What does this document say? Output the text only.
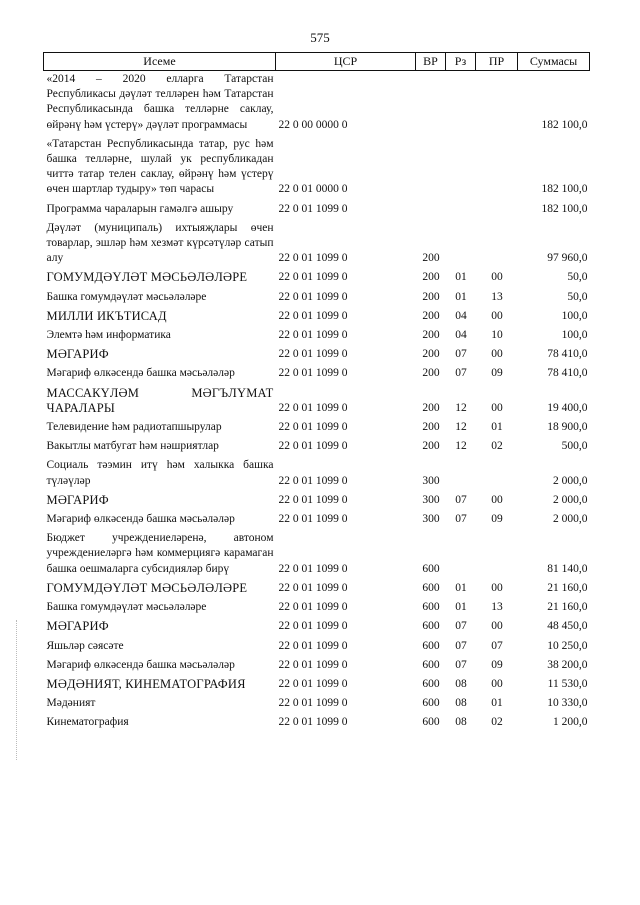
575
Исеме	ЦСР	ВР	Рз	ПР	Суммасы
«2014 – 2020 елларга Татарстан Республикасы дәүләт телләрен һәм Татарстан Республикасында башка телләрне саклау, өйрәнү һәм үстерү» дәүләт программасы	22 0 00 0000 0				182 100,0
«Татарстан Республикасында татар, рус һәм башка телләрне, шулай ук республикадан читтә татар телен саклау, өйрәнү һәм үстерү өчен шартлар тудыру» төп чарасы	22 0 01 0000 0				182 100,0
Программа чараларын гамәлгә ашыру	22 0 01 1099 0				182 100,0
Дәүләт (муниципаль) ихтыяҗлары өчен товарлар, эшләр һәм хезмәт күрсәтүләр сатып алу	22 0 01 1099 0	200			97 960,0
ГОМУМДӘҮЛӘТ МӘСЬӘЛӘЛӘРЕ	22 0 01 1099 0	200	01	00	50,0
Башка гомумдәүләт мәсьәләләре	22 0 01 1099 0	200	01	13	50,0
МИЛЛИ ИКЪТИСАД	22 0 01 1099 0	200	04	00	100,0
Элемтә һәм информатика	22 0 01 1099 0	200	04	10	100,0
МӘГАРИФ	22 0 01 1099 0	200	07	00	78 410,0
Мәгариф өлкәсендә башка мәсьәләләр	22 0 01 1099 0	200	07	09	78 410,0
МАССАКҮЛӘМ МӘГЪЛҮМАТ ЧАРАЛАРЫ	22 0 01 1099 0	200	12	00	19 400,0
Телевидение һәм радиотапшырулар	22 0 01 1099 0	200	12	01	18 900,0
Вакытлы матбугат һәм нәшриятлар	22 0 01 1099 0	200	12	02	500,0
Социаль тәэмин итү һәм халыкка башка түләүләр	22 0 01 1099 0	300			2 000,0
МӘГАРИФ	22 0 01 1099 0	300	07	00	2 000,0
Мәгариф өлкәсендә башка мәсьәләләр	22 0 01 1099 0	300	07	09	2 000,0
Бюджет учреждениеләренә, автоном учреждениеләргә һәм коммерциягә карамаган башка оешмаларга субсидияләр бирү	22 0 01 1099 0	600			81 140,0
ГОМУМДӘҮЛӘТ МӘСЬӘЛӘЛӘРЕ	22 0 01 1099 0	600	01	00	21 160,0
Башка гомумдәүләт мәсьәләләре	22 0 01 1099 0	600	01	13	21 160,0
МӘГАРИФ	22 0 01 1099 0	600	07	00	48 450,0
Яшьләр сәясәте	22 0 01 1099 0	600	07	07	10 250,0
Мәгариф өлкәсендә башка мәсьәләләр	22 0 01 1099 0	600	07	09	38 200,0
МӘДӘНИЯТ, КИНЕМАТОГРАФИЯ	22 0 01 1099 0	600	08	00	11 530,0
Мәдәният	22 0 01 1099 0	600	08	01	10 330,0
Кинематография	22 0 01 1099 0	600	08	02	1 200,0
